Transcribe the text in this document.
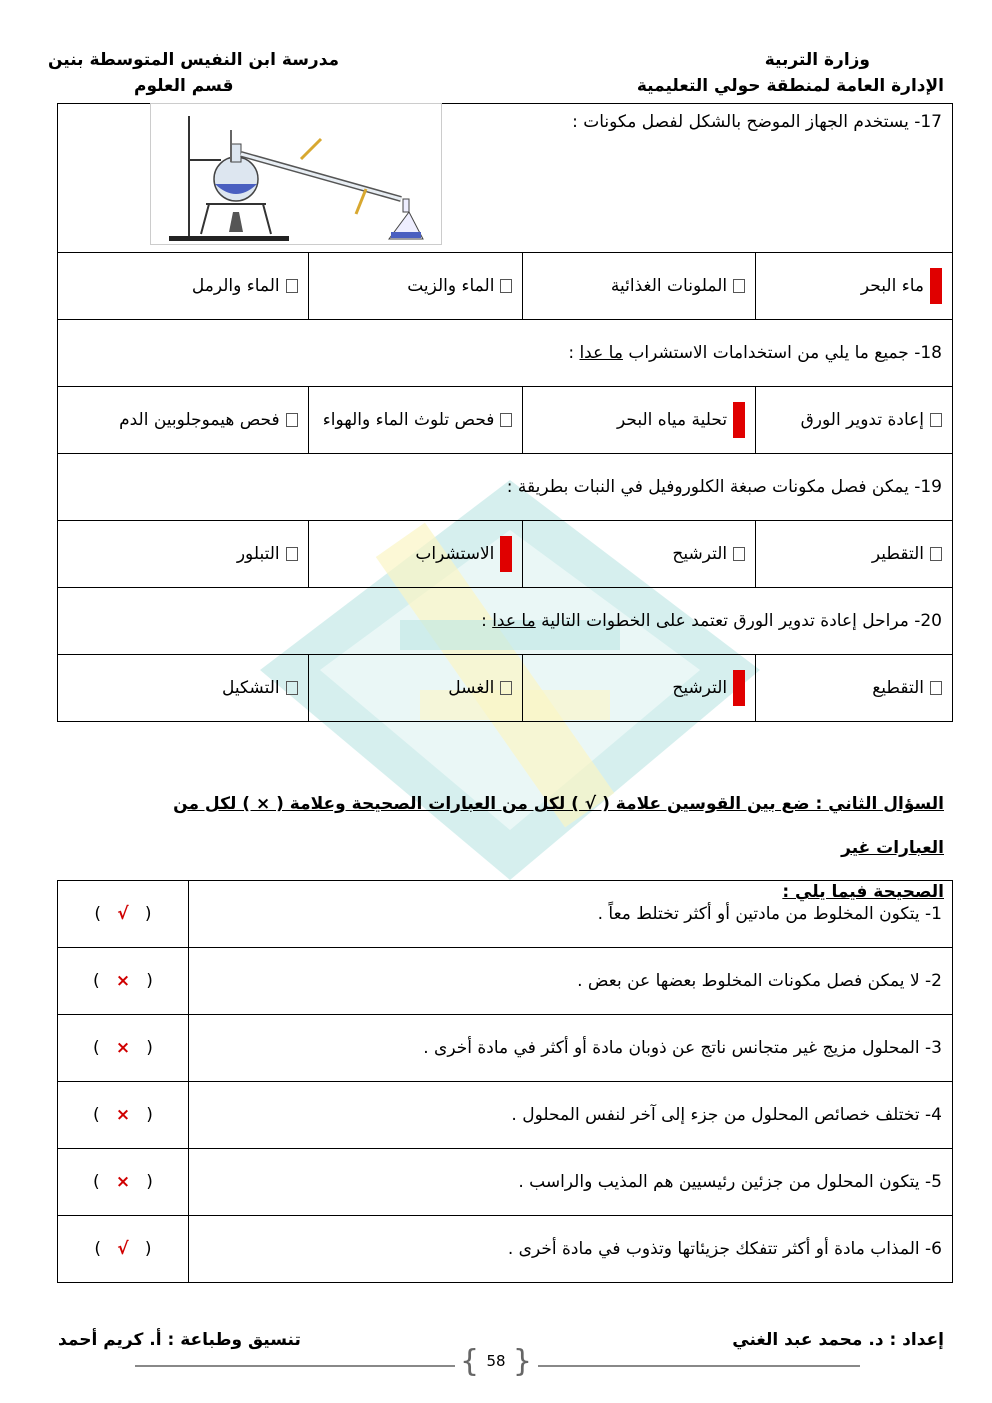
وزارة التربية
الإدارة العامة لمنطقة حولي التعليمية
مدرسة ابن النفيس المتوسطة بنين
قسم العلوم
17- يستخدم الجهاز الموضح بالشكل لفصل مكونات :			

ماء البحر	الملونات الغذائية	الماء والزيت	الماء والرمل

18- جميع ما يلي من استخدامات الاستشراب ما عدا :			

إعادة تدوير الورق	تحلية مياه البحر	فحص تلوث الماء والهواء	فحص هيموجلوبين الدم

19- يمكن فصل مكونات صبغة الكلوروفيل في النبات بطريقة :			

التقطير	الترشيح	الاستشراب	التبلور

20- مراحل إعادة تدوير الورق تعتمد على الخطوات التالية ما عدا :			

التقطيع	الترشيح	الغسل	التشكيل
السؤال الثاني : ضع بين القوسين علامة ( √ ) لكل من العبارات الصحيحة وعلامة ( × ) لكل من العبارات غير
الصحيحة فيما يلي :
1- يتكون المخلوط من مادتين أو أكثر تختلط معاً .	(   √   )
2- لا يمكن فصل مكونات المخلوط بعضها عن بعض .	(   ×   )
3- المحلول مزيج غير متجانس ناتج عن ذوبان مادة أو أكثر في مادة أخرى .	(   ×   )
4- تختلف خصائص المحلول من جزء إلى آخر لنفس المحلول .	(   ×   )
5- يتكون المحلول من جزئين رئيسيين هم المذيب والراسب .	(   ×   )
6- المذاب مادة أو أكثر تتفكك جزيئاتها وتذوب في مادة أخرى .	(   √   )
إعداد : د. محمد عبد الغني
تنسيق وطباعة : أ. كريم أحمد
{ 58 }
